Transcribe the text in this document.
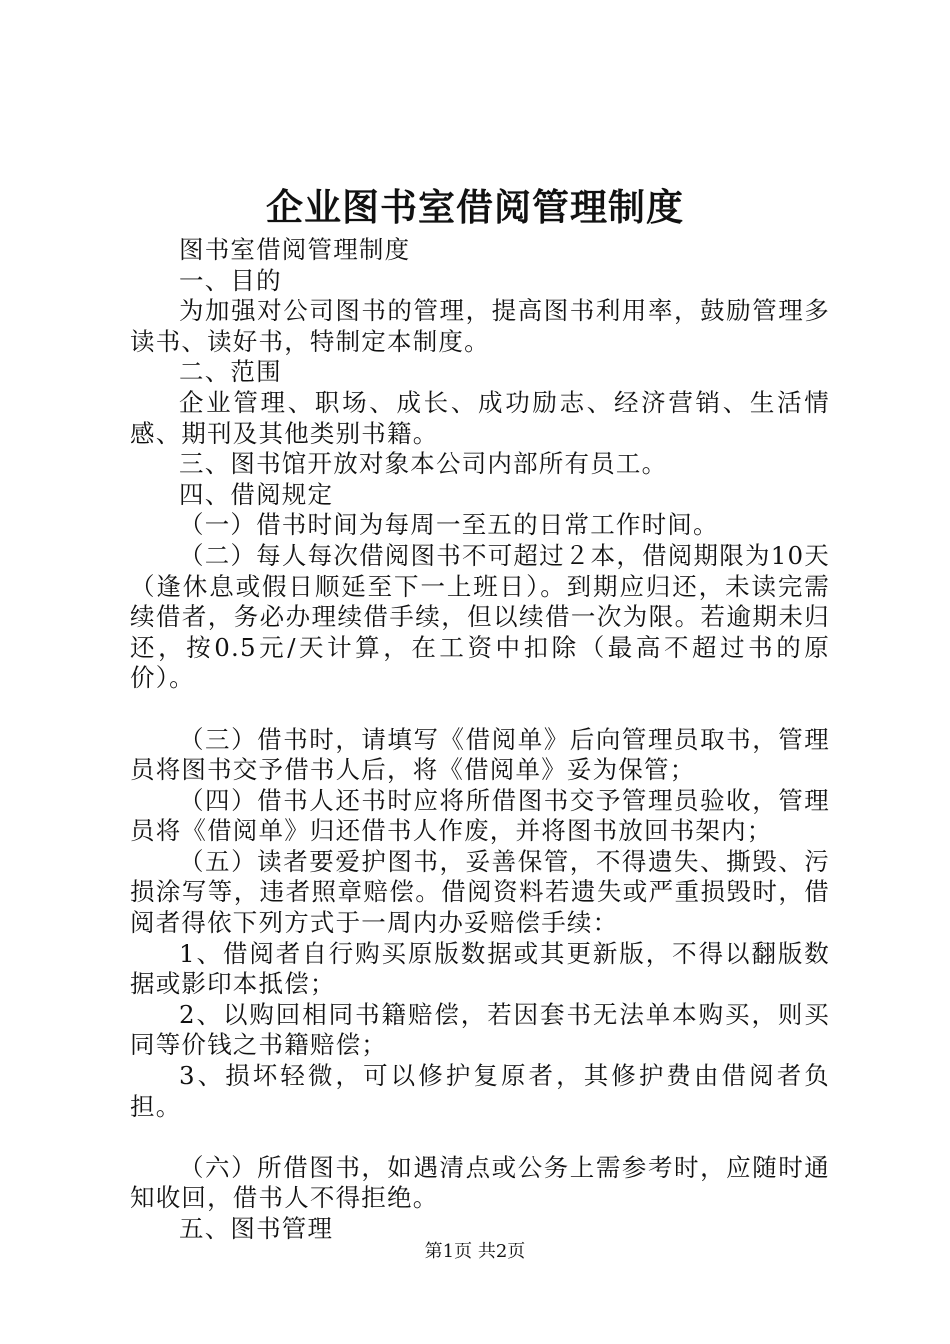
企业图书室借阅管理制度

图书室借阅管理制度

一、目的

为加强对公司图书的管理，提高图书利用率，鼓励管理多读书、读好书，特制定本制度。

二、范围

企业管理、职场、成长、成功励志、经济营销、生活情感、期刊及其他类别书籍。

三、图书馆开放对象本公司内部所有员工。

四、借阅规定

（一）借书时间为每周一至五的日常工作时间。

（二）每人每次借阅图书不可超过２本，借阅期限为10天（逢休息或假日顺延至下一上班日）。到期应归还，未读完需续借者，务必办理续借手续，但以续借一次为限。若逾期未归还，按0.5元/天计算，在工资中扣除（最高不超过书的原价）。

（三）借书时，请填写《借阅单》后向管理员取书，管理员将图书交予借书人后，将《借阅单》妥为保管；

（四）借书人还书时应将所借图书交予管理员验收，管理员将《借阅单》归还借书人作废，并将图书放回书架内；

（五）读者要爱护图书，妥善保管，不得遗失、撕毁、污损涂写等，违者照章赔偿。借阅资料若遗失或严重损毁时，借阅者得依下列方式于一周内办妥赔偿手续：

1、借阅者自行购买原版数据或其更新版，不得以翻版数据或影印本抵偿；

2、以购回相同书籍赔偿，若因套书无法单本购买，则买同等价钱之书籍赔偿；

3、损坏轻微，可以修护复原者，其修护费由借阅者负担。

（六）所借图书，如遇清点或公务上需参考时，应随时通知收回，借书人不得拒绝。

五、图书管理

第1页 共2页
